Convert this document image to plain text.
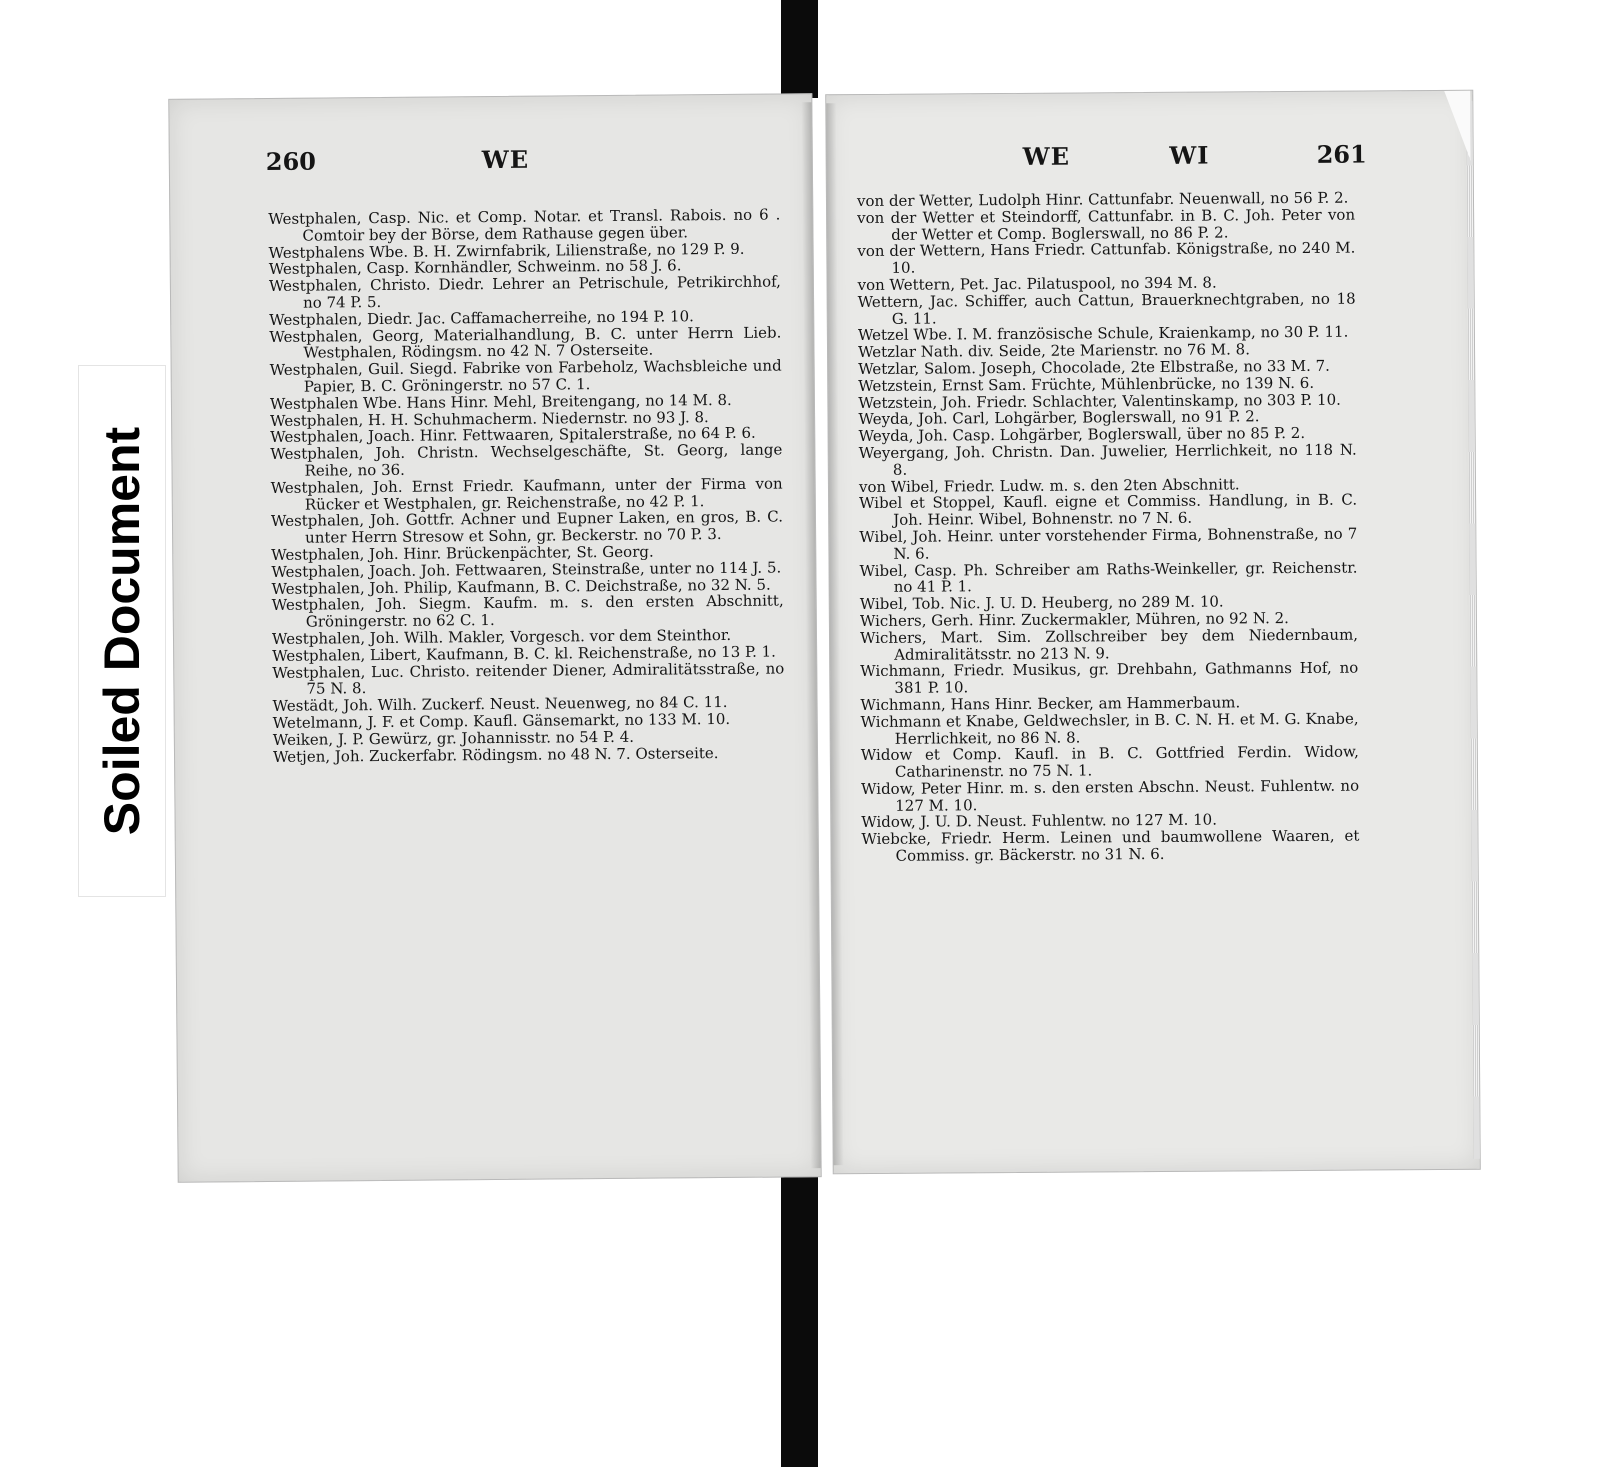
Soiled Document
260	WE

Westphalen, Casp. Nic. et Comp. Notar. et Transl. Rabois. no 6 . Comtoir bey der Börse, dem Rathause gegen über.

Westphalens Wbe. B. H. Zwirnfabrik, Lilienstraße, no 129 P. 9.

Westphalen, Casp. Kornhändler, Schweinm. no 58 J. 6.

Westphalen, Christo. Diedr. Lehrer an Petrischule, Petrikirchhof, no 74 P. 5.

Westphalen, Diedr. Jac. Caffamacherreihe, no 194 P. 10.

Westphalen, Georg, Materialhandlung, B. C. unter Herrn Lieb. Westphalen, Rödingsm. no 42 N. 7 Osterseite.

Westphalen, Guil. Siegd. Fabrike von Farbeholz, Wachsbleiche und Papier, B. C. Gröningerstr. no 57 C. 1.

Westphalen Wbe. Hans Hinr. Mehl, Breitengang, no 14 M. 8.

Westphalen, H. H. Schuhmacherm. Niedernstr. no 93 J. 8.

Westphalen, Joach. Hinr. Fettwaaren, Spitalerstraße, no 64 P. 6.

Westphalen, Joh. Christn. Wechselgeschäfte, St. Georg, lange Reihe, no 36.

Westphalen, Joh. Ernst Friedr. Kaufmann, unter der Firma von Rücker et Westphalen, gr. Reichenstraße, no 42 P. 1.

Westphalen, Joh. Gottfr. Achner und Eupner Laken, en gros, B. C. unter Herrn Stresow et Sohn, gr. Beckerstr. no 70 P. 3.

Westphalen, Joh. Hinr. Brückenpächter, St. Georg.

Westphalen, Joach. Joh. Fettwaaren, Steinstraße, unter no 114 J. 5.

Westphalen, Joh. Philip, Kaufmann, B. C. Deichstraße, no 32 N. 5.

Westphalen, Joh. Siegm. Kaufm. m. s. den ersten Abschnitt, Gröningerstr. no 62 C. 1.

Westphalen, Joh. Wilh. Makler, Vorgesch. vor dem Steinthor.

Westphalen, Libert, Kaufmann, B. C. kl. Reichenstraße, no 13 P. 1.

Westphalen, Luc. Christo. reitender Diener, Admiralitätsstraße, no 75 N. 8.

Westädt, Joh. Wilh. Zuckerf. Neust. Neuenweg, no 84 C. 11.

Wetelmann, J. F. et Comp. Kaufl. Gänsemarkt, no 133 M. 10.

Weiken, J. P. Gewürz, gr. Johannisstr. no 54 P. 4.

Wetjen, Joh. Zuckerfabr. Rödingsm. no 48 N. 7. Osterseite.

WE WI	261

von der Wetter, Ludolph Hinr. Cattunfabr. Neuenwall, no 56 P. 2.

von der Wetter et Steindorff, Cattunfabr. in B. C. Joh. Peter von der Wetter et Comp. Boglerswall, no 86 P. 2.

von der Wettern, Hans Friedr. Cattunfab. Königstraße, no 240 M. 10.

von Wettern, Pet. Jac. Pilatuspool, no 394 M. 8.

Wettern, Jac. Schiffer, auch Cattun, Brauerknechtgraben, no 18 G. 11.

Wetzel Wbe. I. M. französische Schule, Kraienkamp, no 30 P. 11.

Wetzlar Nath. div. Seide, 2te Marienstr. no 76 M. 8.

Wetzlar, Salom. Joseph, Chocolade, 2te Elbstraße, no 33 M. 7.

Wetzstein, Ernst Sam. Früchte, Mühlenbrücke, no 139 N. 6.

Wetzstein, Joh. Friedr. Schlachter, Valentinskamp, no 303 P. 10.

Weyda, Joh. Carl, Lohgärber, Boglerswall, no 91 P. 2.

Weyda, Joh. Casp. Lohgärber, Boglerswall, über no 85 P. 2.

Weyergang, Joh. Christn. Dan. Juwelier, Herrlichkeit, no 118 N. 8.

von Wibel, Friedr. Ludw. m. s. den 2ten Abschnitt.

Wibel et Stoppel, Kaufl. eigne et Commiss. Handlung, in B. C. Joh. Heinr. Wibel, Bohnenstr. no 7 N. 6.

Wibel, Joh. Heinr. unter vorstehender Firma, Bohnenstraße, no 7 N. 6.

Wibel, Casp. Ph. Schreiber am Raths-Weinkeller, gr. Reichenstr. no 41 P. 1.

Wibel, Tob. Nic. J. U. D. Heuberg, no 289 M. 10.

Wichers, Gerh. Hinr. Zuckermakler, Mühren, no 92 N. 2.

Wichers, Mart. Sim. Zollschreiber bey dem Niedernbaum, Admiralitätsstr. no 213 N. 9.

Wichmann, Friedr. Musikus, gr. Drehbahn, Gathmanns Hof, no 381 P. 10.

Wichmann, Hans Hinr. Becker, am Hammerbaum.

Wichmann et Knabe, Geldwechsler, in B. C. N. H. et M. G. Knabe, Herrlichkeit, no 86 N. 8.

Widow et Comp. Kaufl. in B. C. Gottfried Ferdin. Widow, Catharinenstr. no 75 N. 1.

Widow, Peter Hinr. m. s. den ersten Abschn. Neust. Fuhlentw. no 127 M. 10.

Widow, J. U. D. Neust. Fuhlentw. no 127 M. 10.

Wiebcke, Friedr. Herm. Leinen und baumwollene Waaren, et Commiss. gr. Bäckerstr. no 31 N. 6.
